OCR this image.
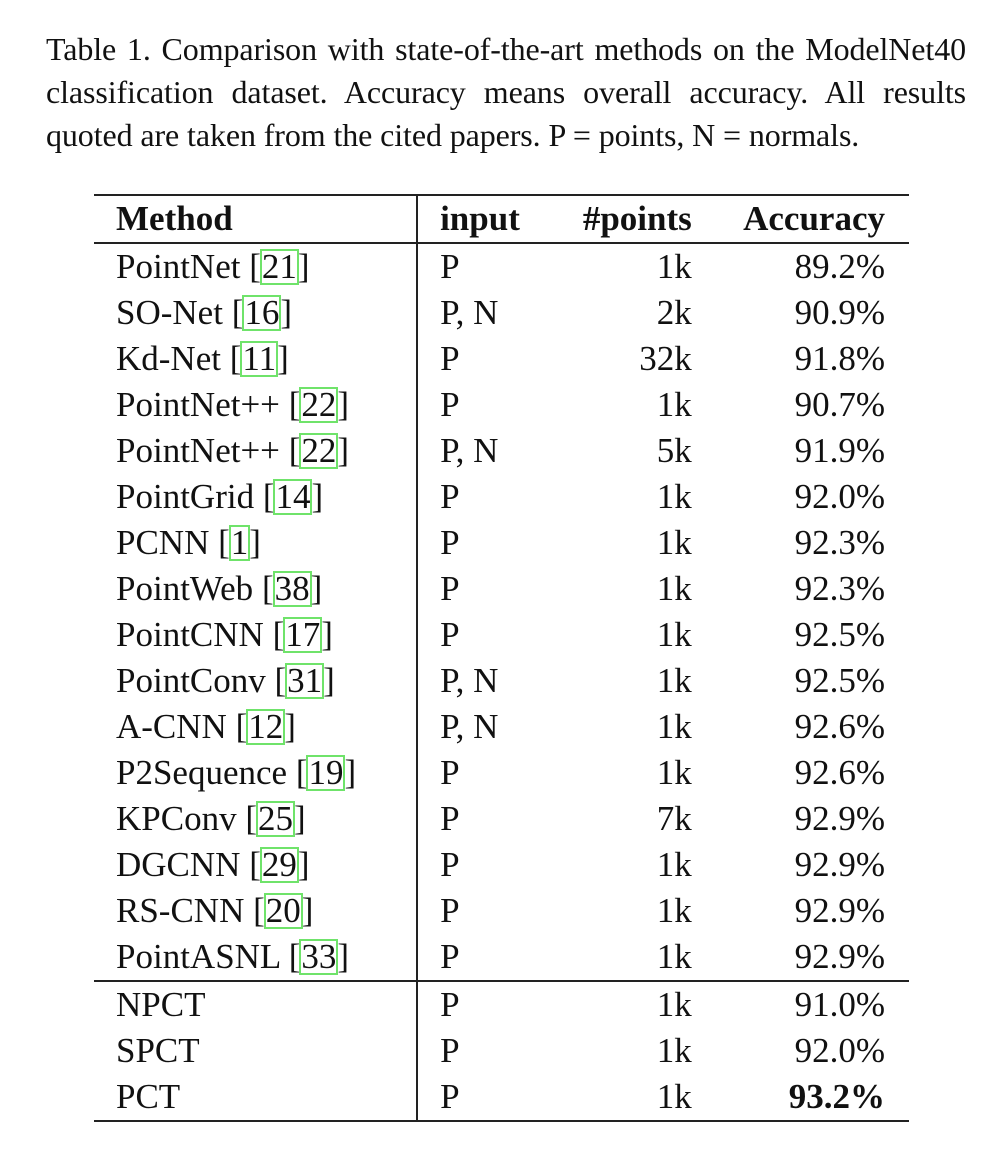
Table 1. Comparison with state-of-the-art methods on the ModelNet40 classification dataset. Accuracy means overall accuracy. All results quoted are taken from the cited papers. P = points, N = normals.
Method	input	#points	Accuracy
PointNet [21]	P	1k	89.2%
SO-Net [16]	P, N	2k	90.9%
Kd-Net [11]	P	32k	91.8%
PointNet++ [22]	P	1k	90.7%
PointNet++ [22]	P, N	5k	91.9%
PointGrid [14]	P	1k	92.0%
PCNN [1]	P	1k	92.3%
PointWeb [38]	P	1k	92.3%
PointCNN [17]	P	1k	92.5%
PointConv [31]	P, N	1k	92.5%
A-CNN [12]	P, N	1k	92.6%
P2Sequence [19]	P	1k	92.6%
KPConv [25]	P	7k	92.9%
DGCNN [29]	P	1k	92.9%
RS-CNN [20]	P	1k	92.9%
PointASNL [33]	P	1k	92.9%
NPCT	P	1k	91.0%
SPCT	P	1k	92.0%
PCT	P	1k	93.2%
